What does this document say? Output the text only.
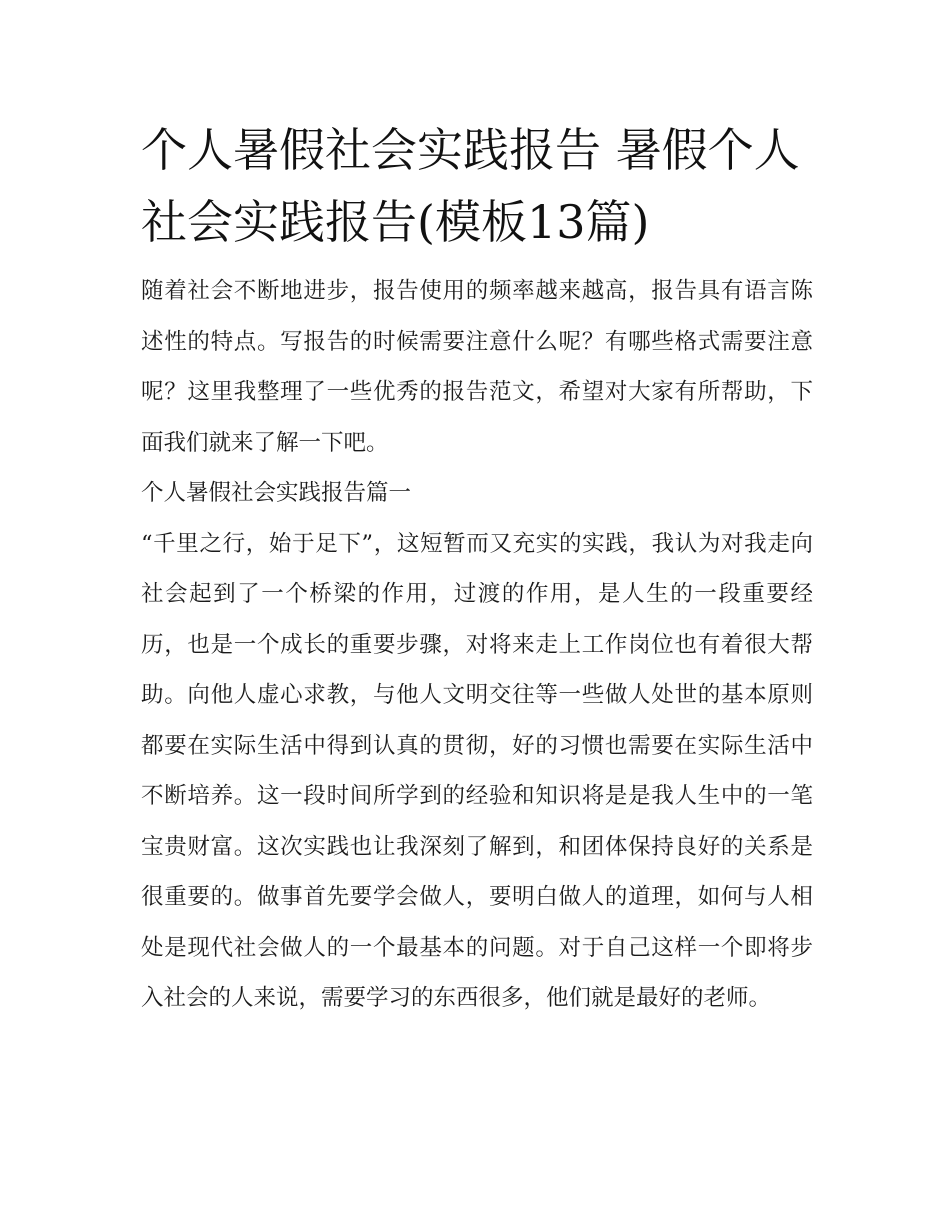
个人暑假社会实践报告 暑假个人社会实践报告(模板13篇)

随着社会不断地进步，报告使用的频率越来越高，报告具有语言陈述性的特点。写报告的时候需要注意什么呢？有哪些格式需要注意呢？这里我整理了一些优秀的报告范文，希望对大家有所帮助，下面我们就来了解一下吧。

个人暑假社会实践报告篇一

“千里之行，始于足下”，这短暂而又充实的实践，我认为对我走向社会起到了一个桥梁的作用，过渡的作用，是人生的一段重要经历，也是一个成长的重要步骤，对将来走上工作岗位也有着很大帮助。向他人虚心求教，与他人文明交往等一些做人处世的基本原则都要在实际生活中得到认真的贯彻，好的习惯也需要在实际生活中不断培养。这一段时间所学到的经验和知识将是是我人生中的一笔宝贵财富。这次实践也让我深刻了解到，和团体保持良好的关系是很重要的。做事首先要学会做人，要明白做人的道理，如何与人相处是现代社会做人的一个最基本的问题。对于自己这样一个即将步入社会的人来说，需要学习的东西很多，他们就是最好的老师。
